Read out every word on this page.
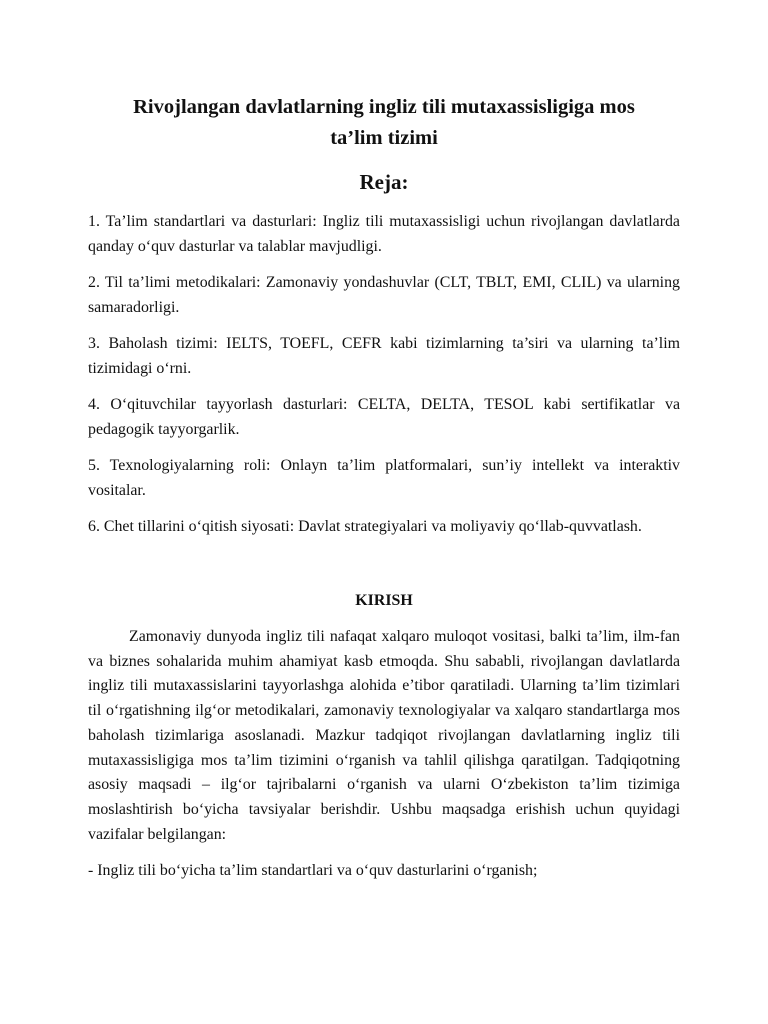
Rivojlangan davlatlarning ingliz tili mutaxassisligiga mos
ta’lim tizimi
Reja:

1. Ta’lim standartlari va dasturlari: Ingliz tili mutaxassisligi uchun rivojlangan davlatlarda qanday o‘quv dasturlar va talablar mavjudligi.

2. Til ta’limi metodikalari: Zamonaviy yondashuvlar (CLT, TBLT, EMI, CLIL) va ularning samaradorligi.

3. Baholash tizimi: IELTS, TOEFL, CEFR kabi tizimlarning ta’siri va ularning ta’lim tizimidagi o‘rni.

4. O‘qituvchilar tayyorlash dasturlari: CELTA, DELTA, TESOL kabi sertifikatlar va pedagogik tayyorgarlik.

5. Texnologiyalarning roli: Onlayn ta’lim platformalari, sun’iy intellekt va interaktiv vositalar.

6. Chet tillarini o‘qitish siyosati: Davlat strategiyalari va moliyaviy qo‘llab-quvvatlash.

KIRISH

Zamonaviy dunyoda ingliz tili nafaqat xalqaro muloqot vositasi, balki ta’lim, ilm-fan va biznes sohalarida muhim ahamiyat kasb etmoqda. Shu sababli, rivojlangan davlatlarda ingliz tili mutaxassislarini tayyorlashga alohida e’tibor qaratiladi. Ularning ta’lim tizimlari til o‘rgatishning ilg‘or metodikalari, zamonaviy texnologiyalar va xalqaro standartlarga mos baholash tizimlariga asoslanadi. Mazkur tadqiqot rivojlangan davlatlarning ingliz tili mutaxassisligiga mos ta’lim tizimini o‘rganish va tahlil qilishga qaratilgan. Tadqiqotning asosiy maqsadi – ilg‘or tajribalarni o‘rganish va ularni O‘zbekiston ta’lim tizimiga moslashtirish bo‘yicha tavsiyalar berishdir. Ushbu maqsadga erishish uchun quyidagi vazifalar belgilangan:

- Ingliz tili bo‘yicha ta’lim standartlari va o‘quv dasturlarini o‘rganish;
